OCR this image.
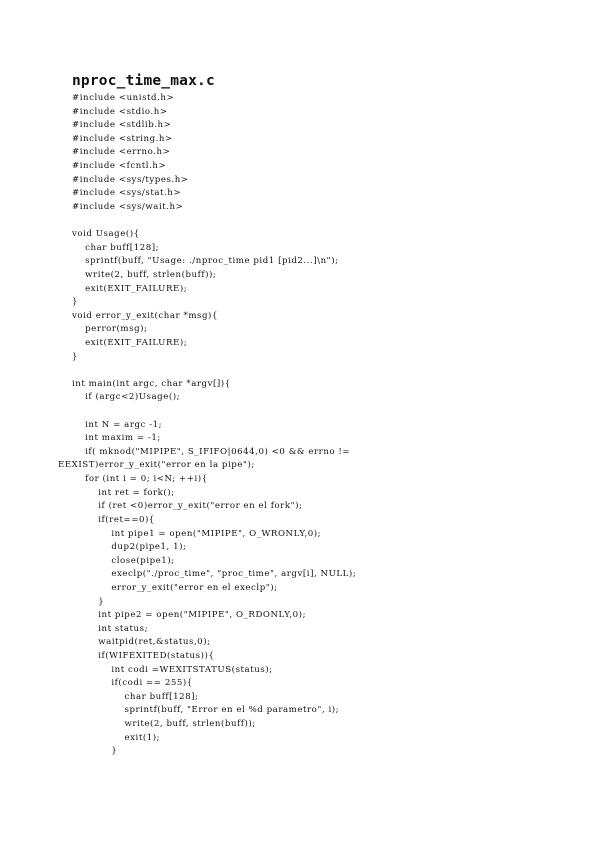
nproc_time_max.c
#include <unistd.h>
#include <stdio.h>
#include <stdlib.h>
#include <string.h>
#include <errno.h>
#include <fcntl.h>
#include <sys/types.h>
#include <sys/stat.h>
#include <sys/wait.h>
void Usage(){
char buff[128];
sprintf(buff, "Usage: ./nproc_time pid1 [pid2...]\n");
write(2, buff, strlen(buff));
exit(EXIT_FAILURE);
}
void error_y_exit(char *msg){
perror(msg);
exit(EXIT_FAILURE);
}
int main(int argc, char *argv[]){
if (argc<2)Usage();
int N = argc -1;
int maxim = -1;
if( mknod("MIPIPE", S_IFIFO|0644,0) <0 && errno !=
EEXIST)error_y_exit("error en la pipe");
for (int i = 0; i<N; ++i){
int ret = fork();
if (ret <0)error_y_exit("error en el fork");
if(ret==0){
int pipe1 = open("MIPIPE", O_WRONLY,0);
dup2(pipe1, 1);
close(pipe1);
execlp("./proc_time", "proc_time", argv[i], NULL);
error_y_exit("error en el execlp");
}
int pipe2 = open("MIPIPE", O_RDONLY,0);
int status;
waitpid(ret,&status,0);
if(WIFEXITED(status)){
int codi =WEXITSTATUS(status);
if(codi == 255){
char buff[128];
sprintf(buff, "Error en el %d parametro", i);
write(2, buff, strlen(buff));
exit(1);
}
